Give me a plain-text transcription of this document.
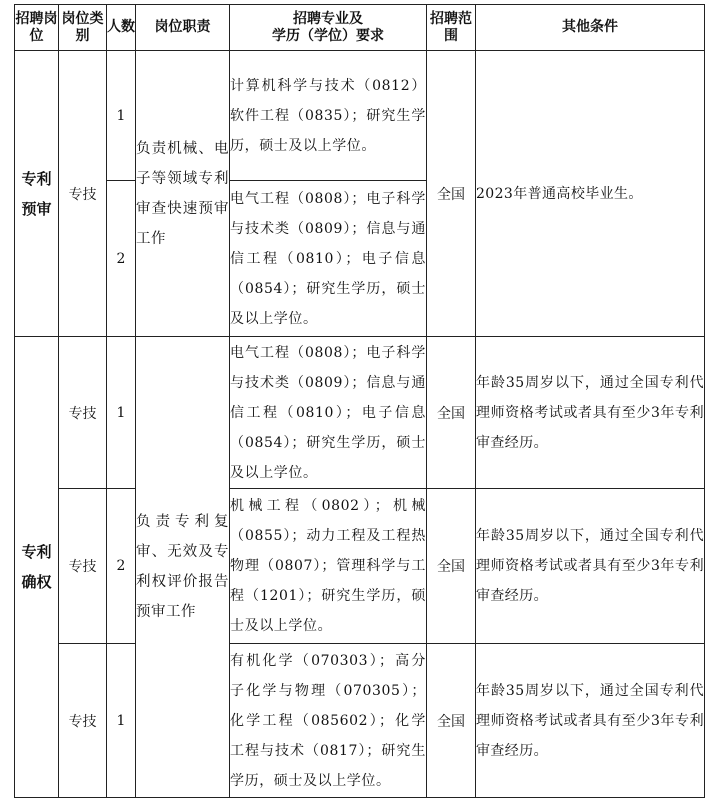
招聘岗位	岗位类别	人数	岗位职责	招聘专业及
学历（学位）要求	招聘范围	其他条件

专利预审	专技	1	负责机械、电子等领域专利审查快速预审工作	计算机科学与技术（0812）软件工程（0835）；研究生学历，硕士及以上学位。	全国	2023年普通高校毕业生。
		2		电气工程（0808）；电子科学与技术类（0809）；信息与通信工程（0810）；电子信息（0854）；研究生学历，硕士及以上学位。		
专利确权	专技	1	负责专利复审、无效及专利权评价报告预审工作	电气工程（0808）；电子科学与技术类（0809）；信息与通信工程（0810）；电子信息（0854）；研究生学历，硕士及以上学位。	全国	年龄35周岁以下，通过全国专利代理师资格考试或者具有至少3年专利审查经历。
	专技	2		机械工程（0802）；机械（0855）；动力工程及工程热物理（0807）；管理科学与工程（1201）；研究生学历，硕士及以上学位。	全国	年龄35周岁以下，通过全国专利代理师资格考试或者具有至少3年专利审查经历。
	专技	1		有机化学（070303）；高分子化学与物理（070305）；化学工程（085602）；化学工程与技术（0817）；研究生学历，硕士及以上学位。	全国	年龄35周岁以下，通过全国专利代理师资格考试或者具有至少3年专利审查经历。
